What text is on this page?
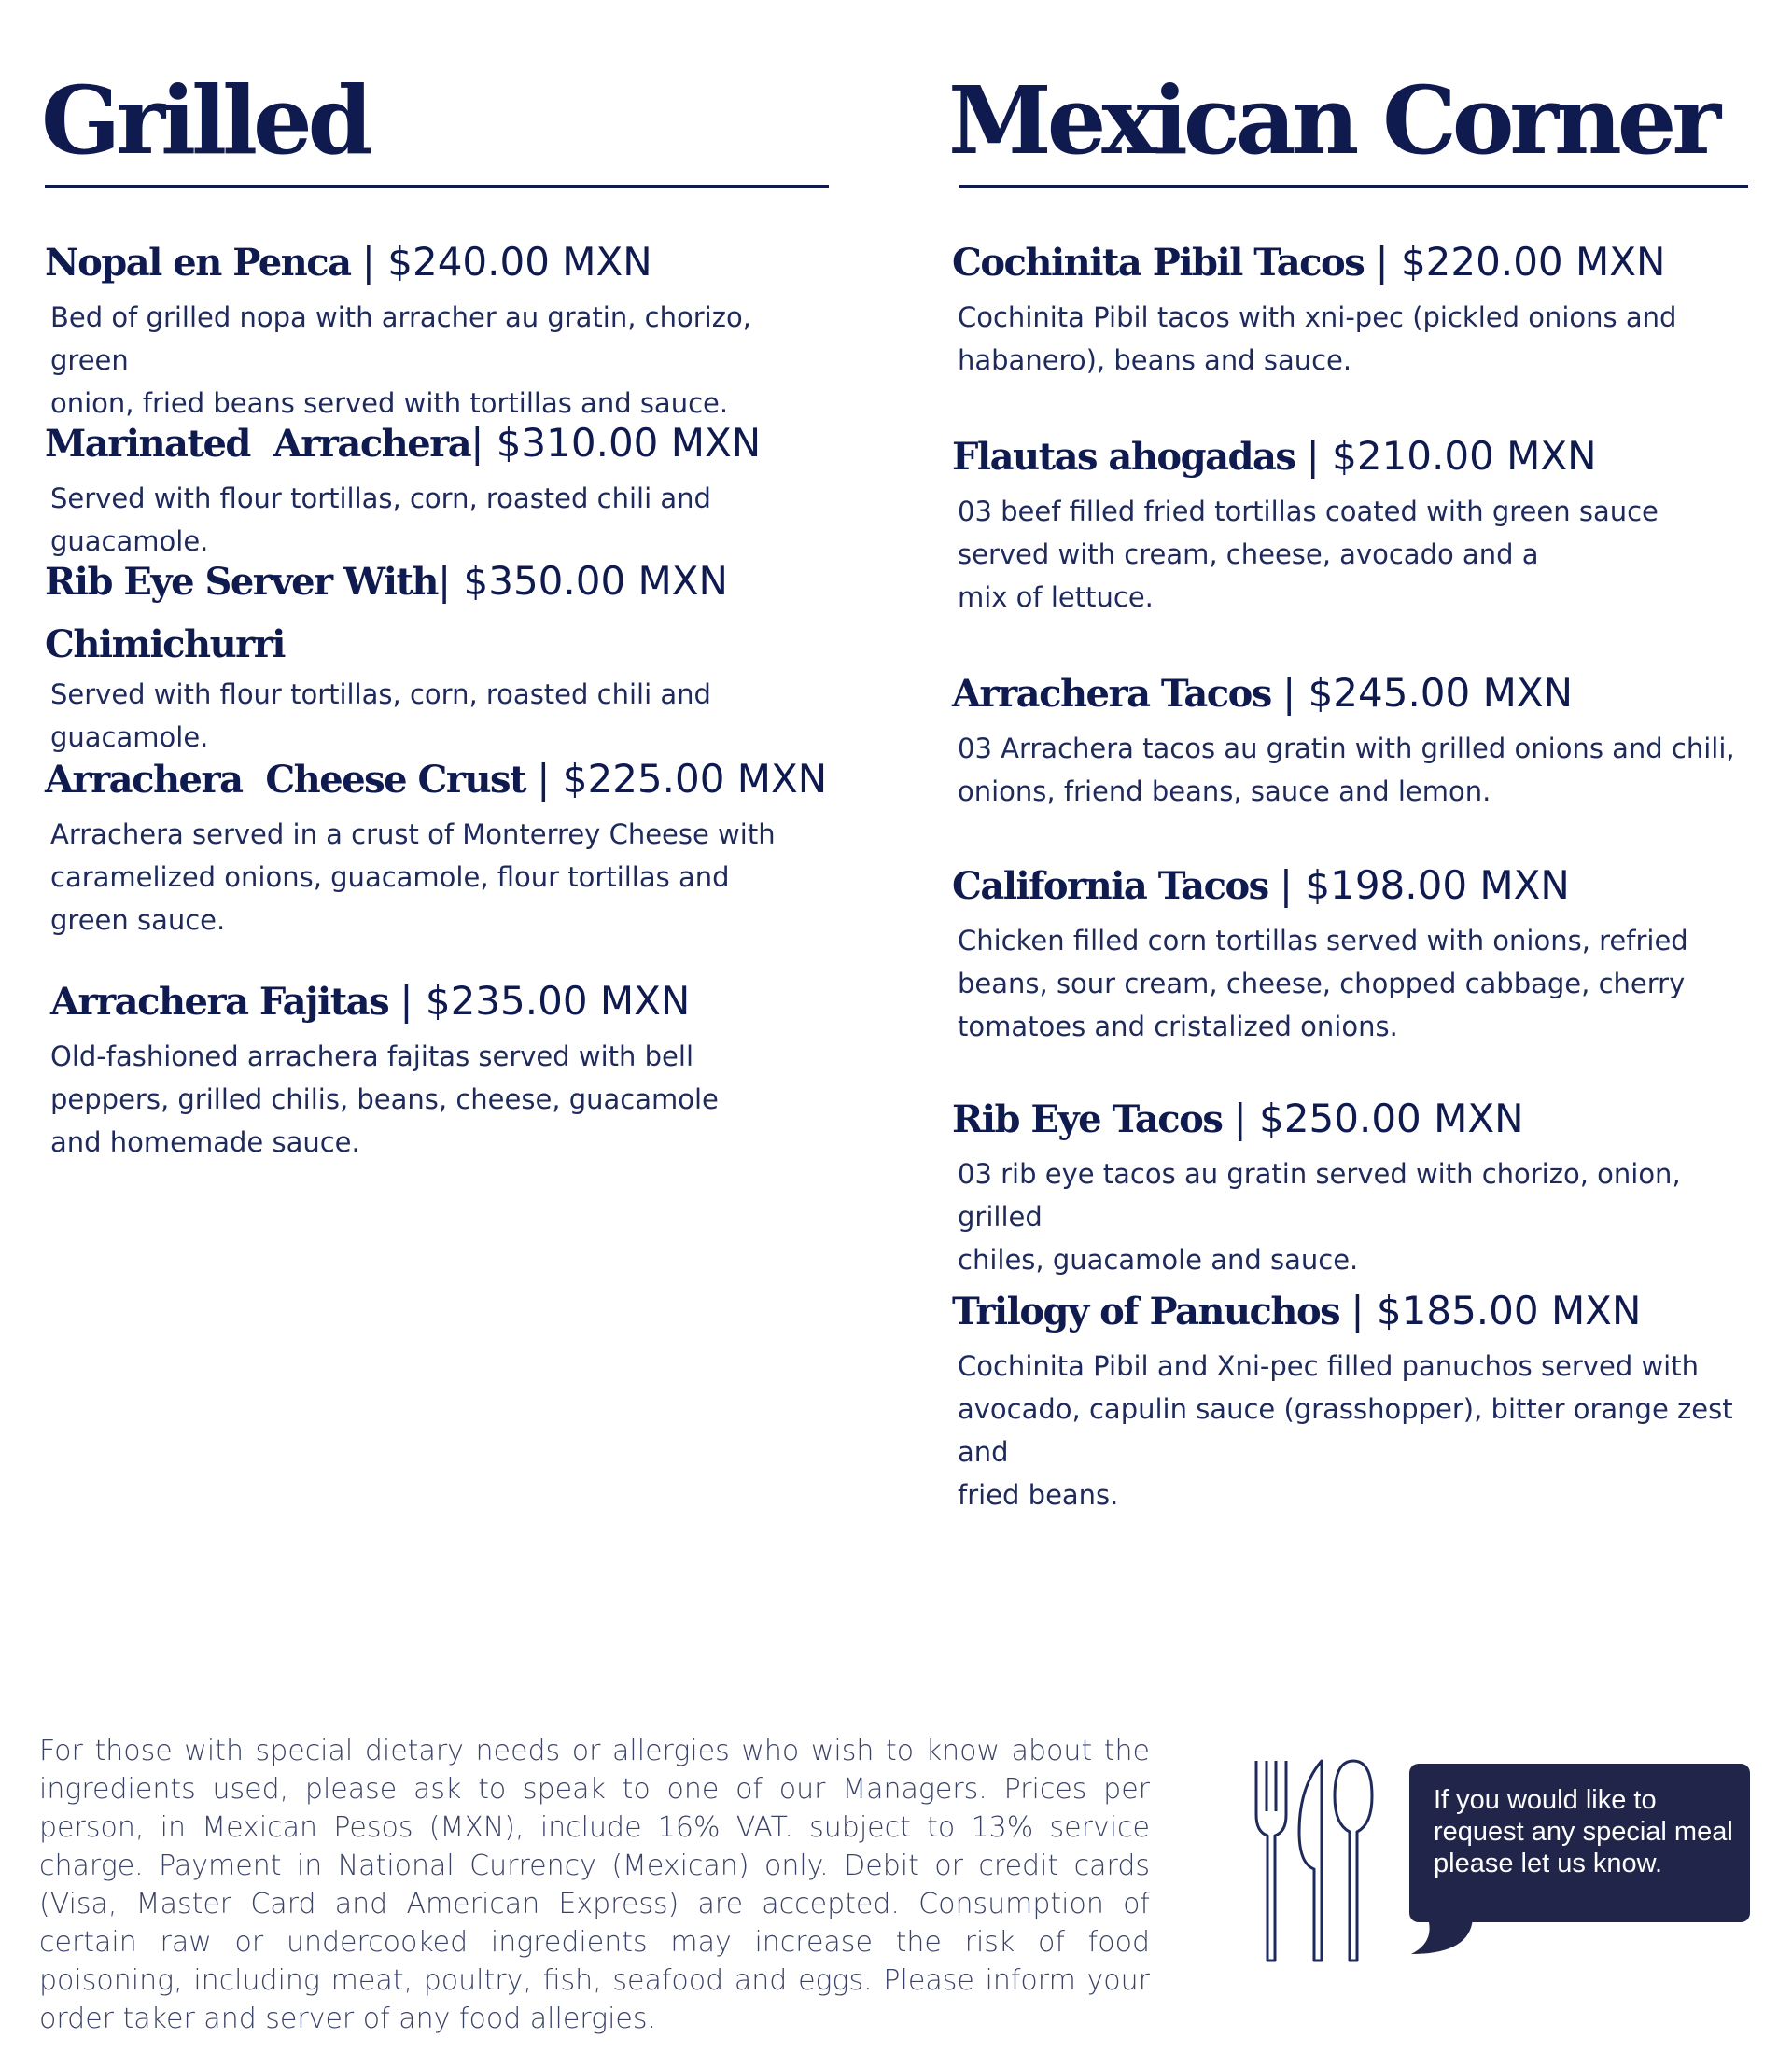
Grilled
Nopal en Penca | $240.00 MXN
Bed of grilled nopa with arracher au gratin, chorizo, green
onion, fried beans served with tortillas and sauce.
Marinated  Arrachera| $310.00 MXN
Served with flour tortillas, corn, roasted chili and guacamole.
Rib Eye Server With| $350.00 MXN
Chimichurri
Served with flour tortillas, corn, roasted chili and guacamole.
Arrachera  Cheese Crust | $225.00 MXN
Arrachera served in a crust of Monterrey Cheese with
caramelized onions, guacamole, flour tortillas and
green sauce.
Arrachera Fajitas | $235.00 MXN
Old-fashioned arrachera fajitas served with bell
peppers, grilled chilis, beans, cheese, guacamole
and homemade sauce.
Mexican Corner
Cochinita Pibil Tacos | $220.00 MXN
Cochinita Pibil tacos with xni-pec (pickled onions and
habanero), beans and sauce.
Flautas ahogadas | $210.00 MXN
03 beef filled fried tortillas coated with green sauce
served with cream, cheese, avocado and a
mix of lettuce.
Arrachera Tacos | $245.00 MXN
03 Arrachera tacos au gratin with grilled onions and chili,
onions, friend beans, sauce and lemon.
California Tacos | $198.00 MXN
Chicken filled corn tortillas served with onions, refried
beans, sour cream, cheese, chopped cabbage, cherry
tomatoes and cristalized onions.
Rib Eye Tacos | $250.00 MXN
03 rib eye tacos au gratin served with chorizo, onion, grilled
chiles, guacamole and sauce.
Trilogy of Panuchos | $185.00 MXN
Cochinita Pibil and Xni-pec filled panuchos served with
avocado, capulin sauce (grasshopper), bitter orange zest and
fried beans.

For those with special dietary needs or allergies who wish to know about the ingredients used, please ask to speak to one of our Managers. Prices per person, in Mexican Pesos (MXN), include 16% VAT. subject to 13% service charge. Payment in National Currency (Mexican) only. Debit or credit cards (Visa, Master Card and American Express) are accepted. Consumption of certain raw or undercooked ingredients may increase the risk of food poisoning, including meat, poultry, fish, seafood and eggs. Please inform your order taker and server of any food allergies.

If you would like to
request any special meal
please let us know.
